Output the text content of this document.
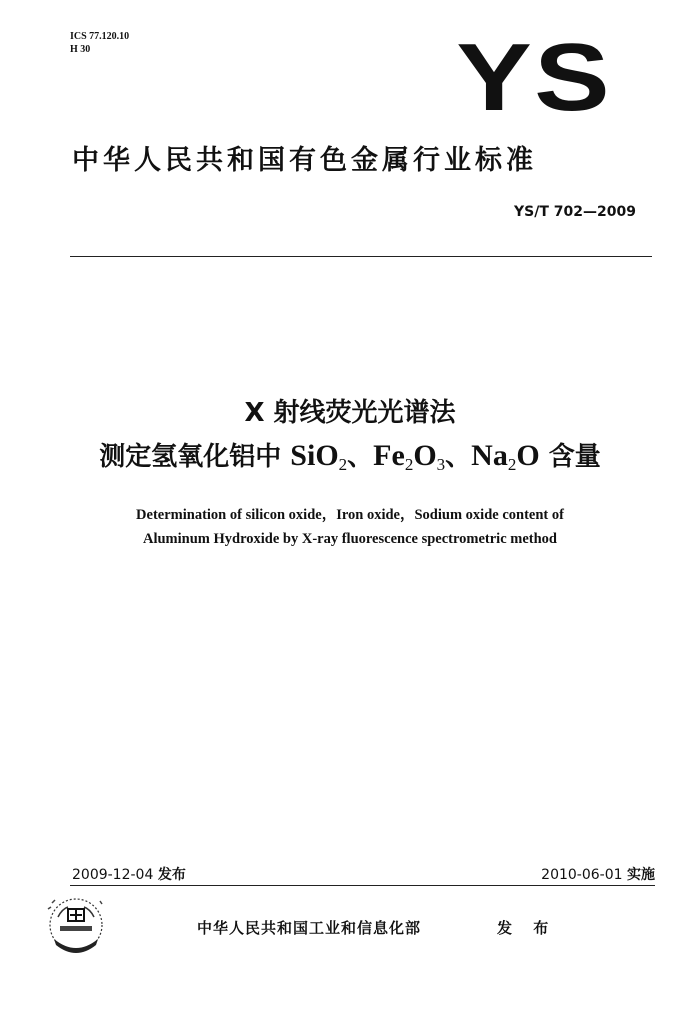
ICS 77.120.10
H 30	YS
中华人民共和国有色金属行业标准
YS/T 702—2009
X 射线荧光光谱法
测定氢氧化铝中 SiO$_2$、$Fe_2O_3$、$Na_2O$ 含量
Determination of silicon oxide，Iron oxide，Sodium oxide content of
Aluminum Hydroxide by X-ray fluorescence spectrometric method
2009-12-04 发布	2010-06-01 实施
中华人民共和国工业和信息化部	发 布
